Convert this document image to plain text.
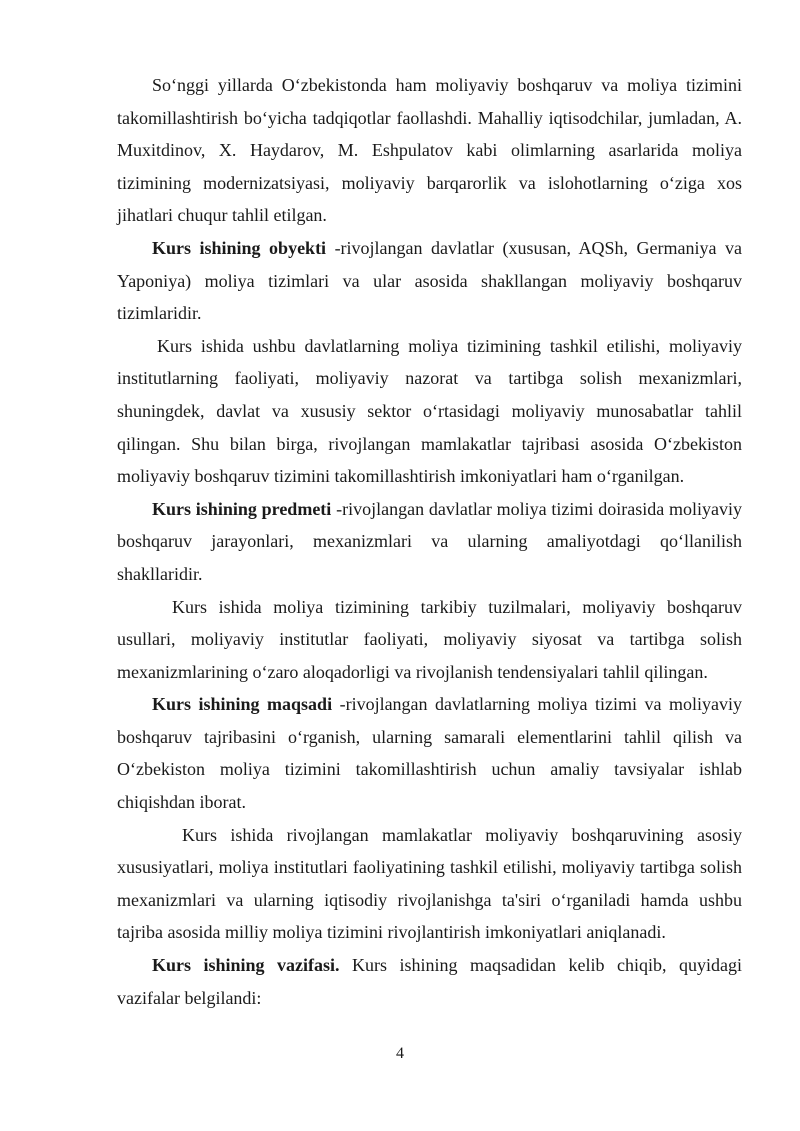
So‘nggi yillarda O‘zbekistonda ham moliyaviy boshqaruv va moliya tizimini takomillashtirish bo‘yicha tadqiqotlar faollashdi. Mahalliy iqtisodchilar, jumladan, A. Muxitdinov, X. Haydarov, M. Eshpulatov kabi olimlarning asarlarida moliya tizimining modernizatsiyasi, moliyaviy barqarorlik va islohotlarning o‘ziga xos jihatlari chuqur tahlil etilgan.

Kurs ishining obyekti -rivojlangan davlatlar (xususan, AQSh, Germaniya va Yaponiya) moliya tizimlari va ular asosida shakllangan moliyaviy boshqaruv tizimlaridir.

Kurs ishida ushbu davlatlarning moliya tizimining tashkil etilishi, moliyaviy institutlarning faoliyati, moliyaviy nazorat va tartibga solish mexanizmlari, shuningdek, davlat va xususiy sektor o‘rtasidagi moliyaviy munosabatlar tahlil qilingan. Shu bilan birga, rivojlangan mamlakatlar tajribasi asosida O‘zbekiston moliyaviy boshqaruv tizimini takomillashtirish imkoniyatlari ham o‘rganilgan.

Kurs ishining predmeti -rivojlangan davlatlar moliya tizimi doirasida moliyaviy boshqaruv jarayonlari, mexanizmlari va ularning amaliyotdagi qo‘llanilish shakllaridir.

Kurs ishida moliya tizimining tarkibiy tuzilmalari, moliyaviy boshqaruv usullari, moliyaviy institutlar faoliyati, moliyaviy siyosat va tartibga solish mexanizmlarining o‘zaro aloqadorligi va rivojlanish tendensiyalari tahlil qilingan.

Kurs ishining maqsadi -rivojlangan davlatlarning moliya tizimi va moliyaviy boshqaruv tajribasini o‘rganish, ularning samarali elementlarini tahlil qilish va O‘zbekiston moliya tizimini takomillashtirish uchun amaliy tavsiyalar ishlab chiqishdan iborat.

Kurs ishida rivojlangan mamlakatlar moliyaviy boshqaruvining asosiy xususiyatlari, moliya institutlari faoliyatining tashkil etilishi, moliyaviy tartibga solish mexanizmlari va ularning iqtisodiy rivojlanishga ta'siri o‘rganiladi hamda ushbu tajriba asosida milliy moliya tizimini rivojlantirish imkoniyatlari aniqlanadi.

Kurs ishining vazifasi. Kurs ishining maqsadidan kelib chiqib, quyidagi vazifalar belgilandi:

4
